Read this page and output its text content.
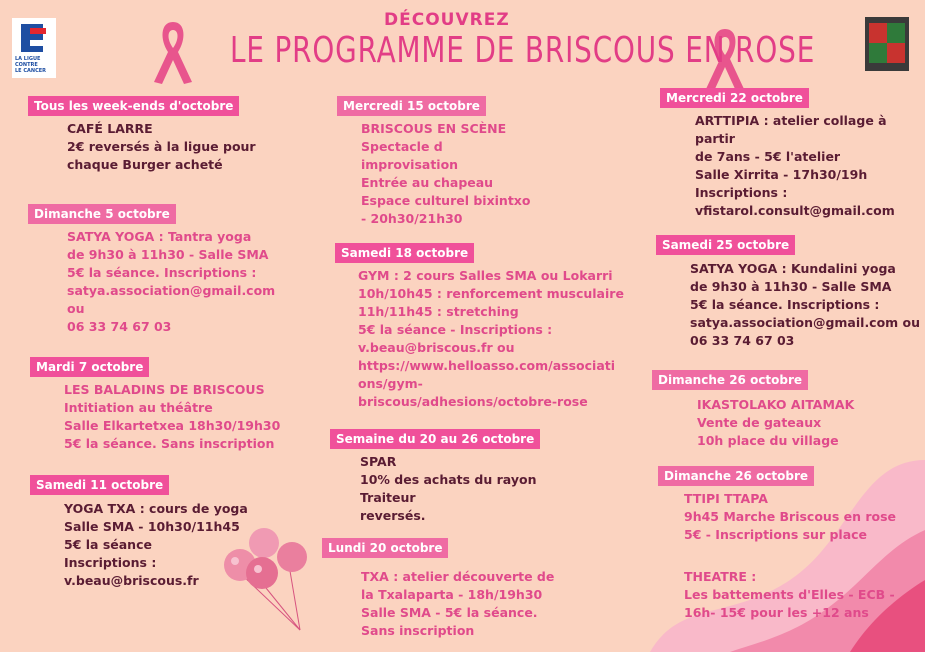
LA LIGUE
CONTRE
LE CANCER
DÉCOUVREZ
LE PROGRAMME DE BRISCOUS EN ROSE
Tous les week-ends d'octobre
CAFÉ LARRE
2€ reversés à la ligue pour
chaque Burger acheté
Dimanche 5 octobre
SATYA YOGA : Tantra yoga
de 9h30 à 11h30 - Salle SMA
5€ la séance. Inscriptions :
satya.association@gmail.com
ou
06 33 74 67 03
Mardi 7 octobre
LES BALADINS DE BRISCOUS
Intitiation au théâtre
Salle Elkartetxea 18h30/19h30
5€ la séance. Sans inscription
Samedi 11 octobre
YOGA TXA : cours de yoga
Salle SMA - 10h30/11h45
5€ la séance
Inscriptions :
v.beau@briscous.fr
Mercredi 15 octobre
BRISCOUS EN SCÈNE
Spectacle d
improvisation
Entrée au chapeau
Espace culturel bixintxo
- 20h30/21h30
Samedi 18 octobre
GYM : 2 cours Salles SMA ou Lokarri
10h/10h45 : renforcement musculaire
11h/11h45 : stretching
5€ la séance - Inscriptions :
v.beau@briscous.fr ou
https://www.helloasso.com/associati
ons/gym-
briscous/adhesions/octobre-rose
Semaine du 20 au 26 octobre
SPAR
10% des achats du rayon
Traiteur
reversés.
Lundi 20 octobre
TXA : atelier découverte de
la Txalaparta - 18h/19h30
Salle SMA - 5€ la séance.
Sans inscription
Mercredi 22 octobre
ARTTIPIA : atelier collage à
partir
de 7ans - 5€ l'atelier
Salle Xirrita - 17h30/19h
Inscriptions :
vfistarol.consult@gmail.com
Samedi 25 octobre
SATYA YOGA : Kundalini yoga
de 9h30 à 11h30 - Salle SMA
5€ la séance. Inscriptions :
satya.association@gmail.com ou
06 33 74 67 03
Dimanche 26 octobre
IKASTOLAKO AITAMAK
Vente de gateaux
10h place du village
Dimanche 26 octobre
TTIPI TTAPA
9h45 Marche Briscous en rose
5€ - Inscriptions sur place
THEATRE :
Les battements d'Elles - ECB -
16h- 15€ pour les +12 ans
